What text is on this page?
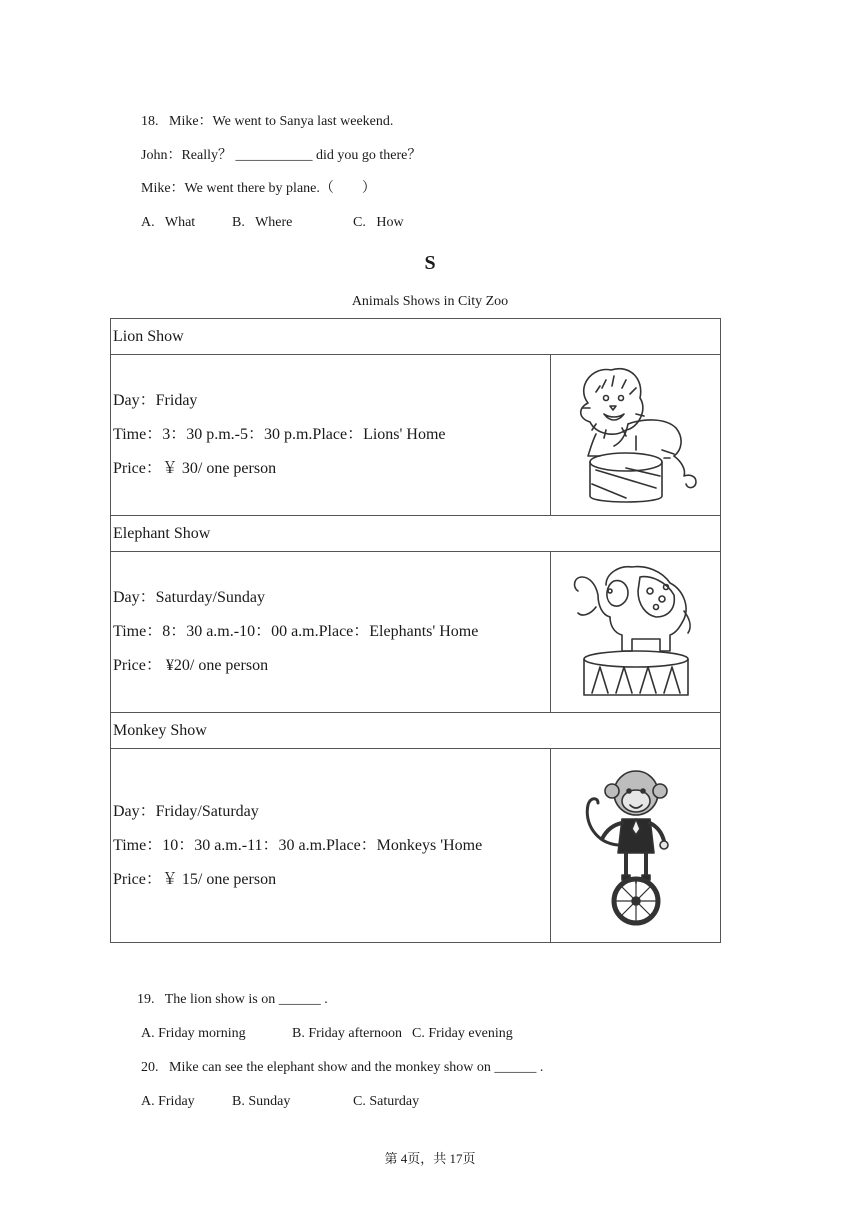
18.   Mike：We went to Sanya last weekend.
John：Really？ ___________ did you go there？
Mike：We went there by plane.（        ）
A.   What	B.   Where	C.   How
S
Animals Shows in City Zoo
Lion Show	

Day：Friday
Time：3：30 p.m.-5：30 p.m.Place：Lions' Home
Price：￥ 30/ one person

Elephant Show	

Day：Saturday/Sunday
Time：8：30 a.m.-10：00 a.m.Place：Elephants' Home
Price： ¥20/ one person

Monkey Show	

Day：Friday/Saturday
Time：10：30 a.m.-11：30 a.m.Place：Monkeys 'Home
Price：￥ 15/ one person

19.   The lion show is on ______ .
A. Friday morning	B. Friday afternoon C. Friday evening
20.   Mike can see the elephant show and the monkey show on ______ .
A. Friday	B. Sunday	C. Saturday
第 4页，共 17页
